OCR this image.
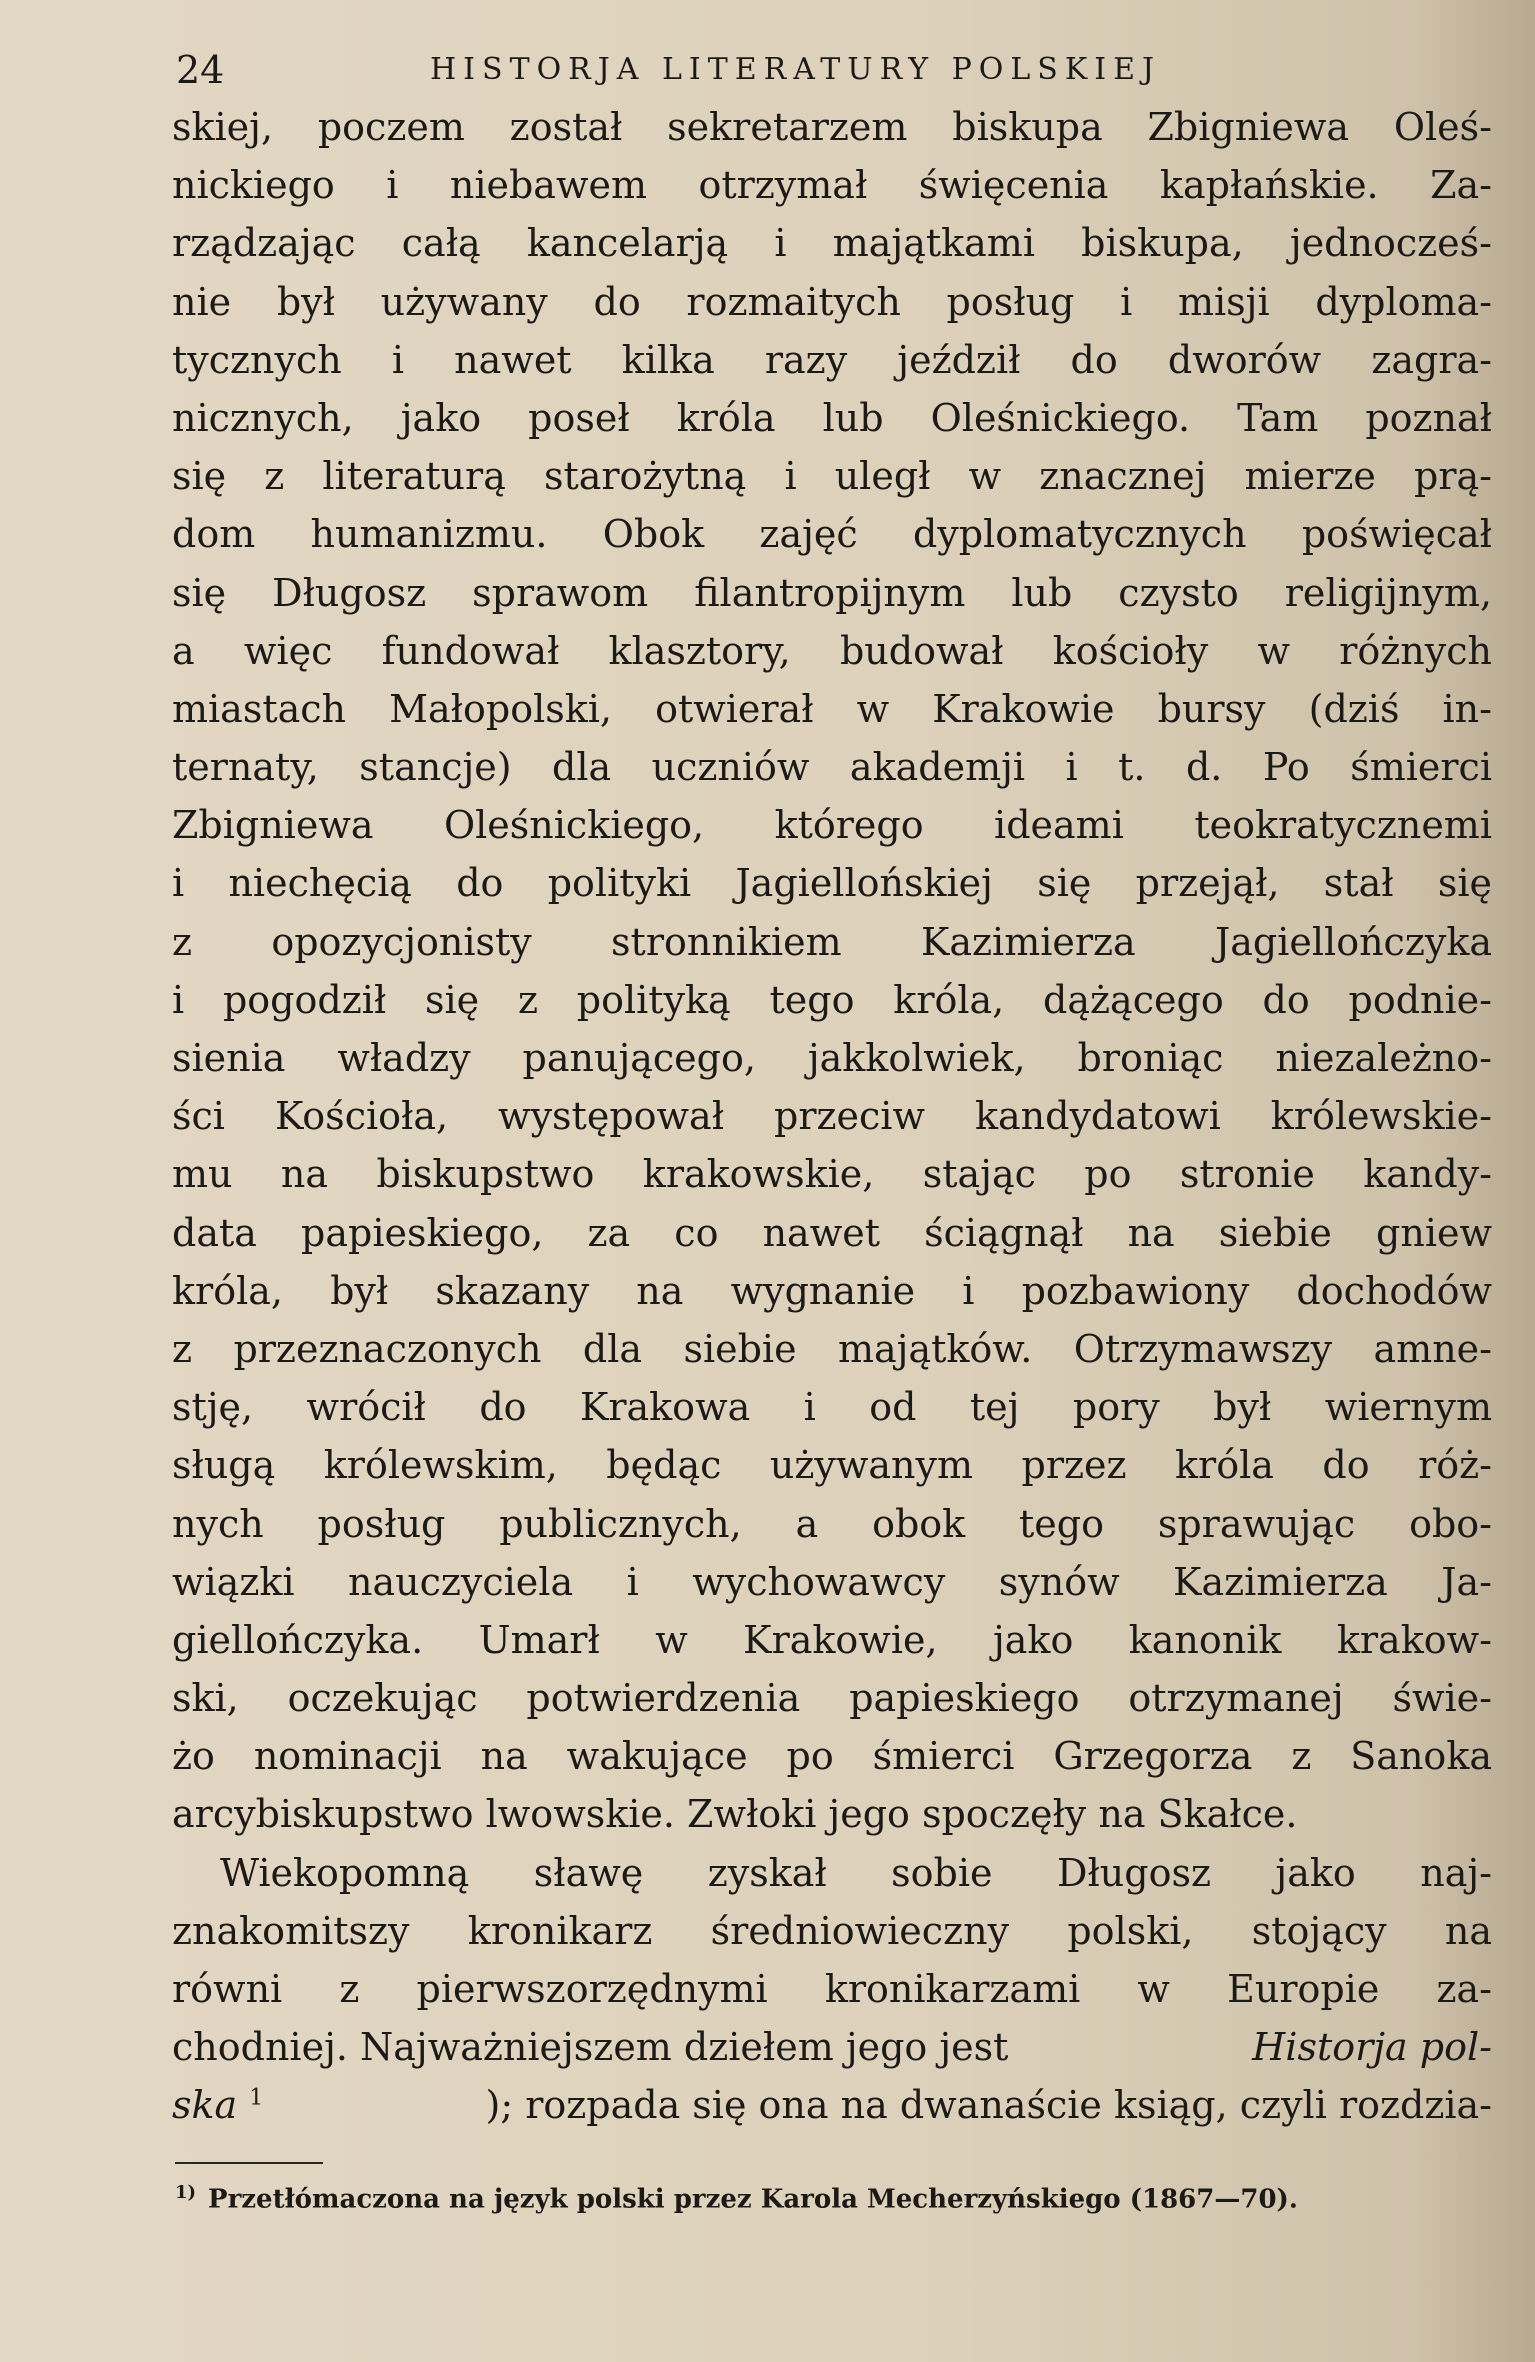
24	HISTORJA LITERATURY POLSKIEJ
skiej, poczem został sekretarzem biskupa Zbigniewa Oleś-
nickiego i niebawem otrzymał święcenia kapłańskie. Za-
rządzając całą kancelarją i majątkami biskupa, jednocześ-
nie był używany do rozmaitych posług i misji dyploma-
tycznych i nawet kilka razy jeździł do dworów zagra-
nicznych, jako poseł króla lub Oleśnickiego. Tam poznał
się z literaturą starożytną i uległ w znacznej mierze prą-
dom humanizmu. Obok zajęć dyplomatycznych poświęcał
się Długosz sprawom filantropijnym lub czysto religijnym,
a więc fundował klasztory, budował kościoły w różnych
miastach Małopolski, otwierał w Krakowie bursy (dziś in-
ternaty, stancje) dla uczniów akademji i t. d. Po śmierci
Zbigniewa Oleśnickiego, którego ideami teokratycznemi
i niechęcią do polityki Jagiellońskiej się przejął, stał się
z opozycjonisty stronnikiem Kazimierza Jagiellończyka
i pogodził się z polityką tego króla, dążącego do podnie-
sienia władzy panującego, jakkolwiek, broniąc niezależno-
ści Kościoła, występował przeciw kandydatowi królewskie-
mu na biskupstwo krakowskie, stając po stronie kandy-
data papieskiego, za co nawet ściągnął na siebie gniew
króla, był skazany na wygnanie i pozbawiony dochodów
z przeznaczonych dla siebie majątków. Otrzymawszy amne-
stję, wrócił do Krakowa i od tej pory był wiernym
sługą królewskim, będąc używanym przez króla do róż-
nych posług publicznych, a obok tego sprawując obo-
wiązki nauczyciela i wychowawcy synów Kazimierza Ja-
giellończyka. Umarł w Krakowie, jako kanonik krakow-
ski, oczekując potwierdzenia papieskiego otrzymanej świe-
żo nominacji na wakujące po śmierci Grzegorza z Sanoka
arcybiskupstwo lwowskie. Zwłoki jego spoczęły na Skałce.
Wiekopomną sławę zyskał sobie Długosz jako naj-
znakomitszy kronikarz średniowieczny polski, stojący na
równi z pierwszorzędnymi kronikarzami w Europie za-
chodniej. Najważniejszem dziełem jego jest	Historja pol-
ska $^1$	); rozpada się ona na dwanaście ksiąg, czyli rozdzia-
$^{1)}$ Przetłómaczona na język polski przez Karola Mecherzyńskiego (1867—70).
